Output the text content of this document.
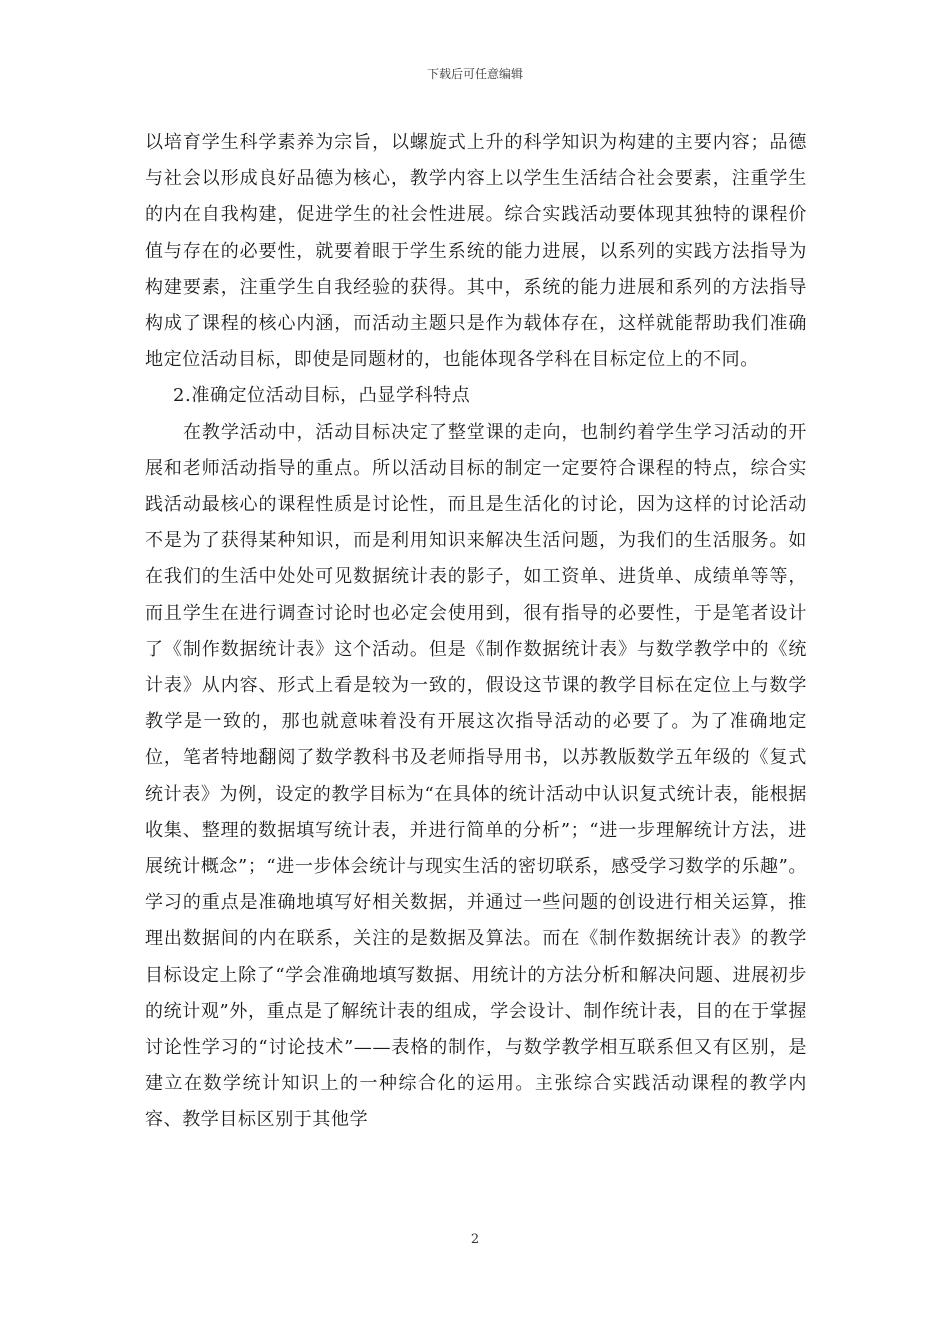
下载后可任意编辑

以培育学生科学素养为宗旨，以螺旋式上升的科学知识为构建的主要内容；品德与社会以形成良好品德为核心，教学内容上以学生生活结合社会要素，注重学生的内在自我构建，促进学生的社会性进展。综合实践活动要体现其独特的课程价值与存在的必要性，就要着眼于学生系统的能力进展，以系列的实践方法指导为构建要素，注重学生自我经验的获得。其中，系统的能力进展和系列的方法指导构成了课程的核心内涵，而活动主题只是作为载体存在，这样就能帮助我们准确地定位活动目标，即使是同题材的，也能体现各学科在目标定位上的不同。

2.准确定位活动目标，凸显学科特点

在教学活动中，活动目标决定了整堂课的走向，也制约着学生学习活动的开展和老师活动指导的重点。所以活动目标的制定一定要符合课程的特点，综合实践活动最核心的课程性质是讨论性，而且是生活化的讨论，因为这样的讨论活动不是为了获得某种知识，而是利用知识来解决生活问题，为我们的生活服务。如在我们的生活中处处可见数据统计表的影子，如工资单、进货单、成绩单等等，而且学生在进行调查讨论时也必定会使用到，很有指导的必要性，于是笔者设计了《制作数据统计表》这个活动。但是《制作数据统计表》与数学教学中的《统计表》从内容、形式上看是较为一致的，假设这节课的教学目标在定位上与数学教学是一致的，那也就意味着没有开展这次指导活动的必要了。为了准确地定位，笔者特地翻阅了数学教科书及老师指导用书，以苏教版数学五年级的《复式统计表》为例，设定的教学目标为“在具体的统计活动中认识复式统计表，能根据收集、整理的数据填写统计表，并进行简单的分析”；“进一步理解统计方法，进展统计概念”；“进一步体会统计与现实生活的密切联系，感受学习数学的乐趣”。学习的重点是准确地填写好相关数据，并通过一些问题的创设进行相关运算，推理出数据间的内在联系，关注的是数据及算法。而在《制作数据统计表》的教学目标设定上除了“学会准确地填写数据、用统计的方法分析和解决问题、进展初步的统计观”外，重点是了解统计表的组成，学会设计、制作统计表，目的在于掌握讨论性学习的“讨论技术”——表格的制作，与数学教学相互联系但又有区别，是建立在数学统计知识上的一种综合化的运用。主张综合实践活动课程的教学内容、教学目标区别于其他学

2
